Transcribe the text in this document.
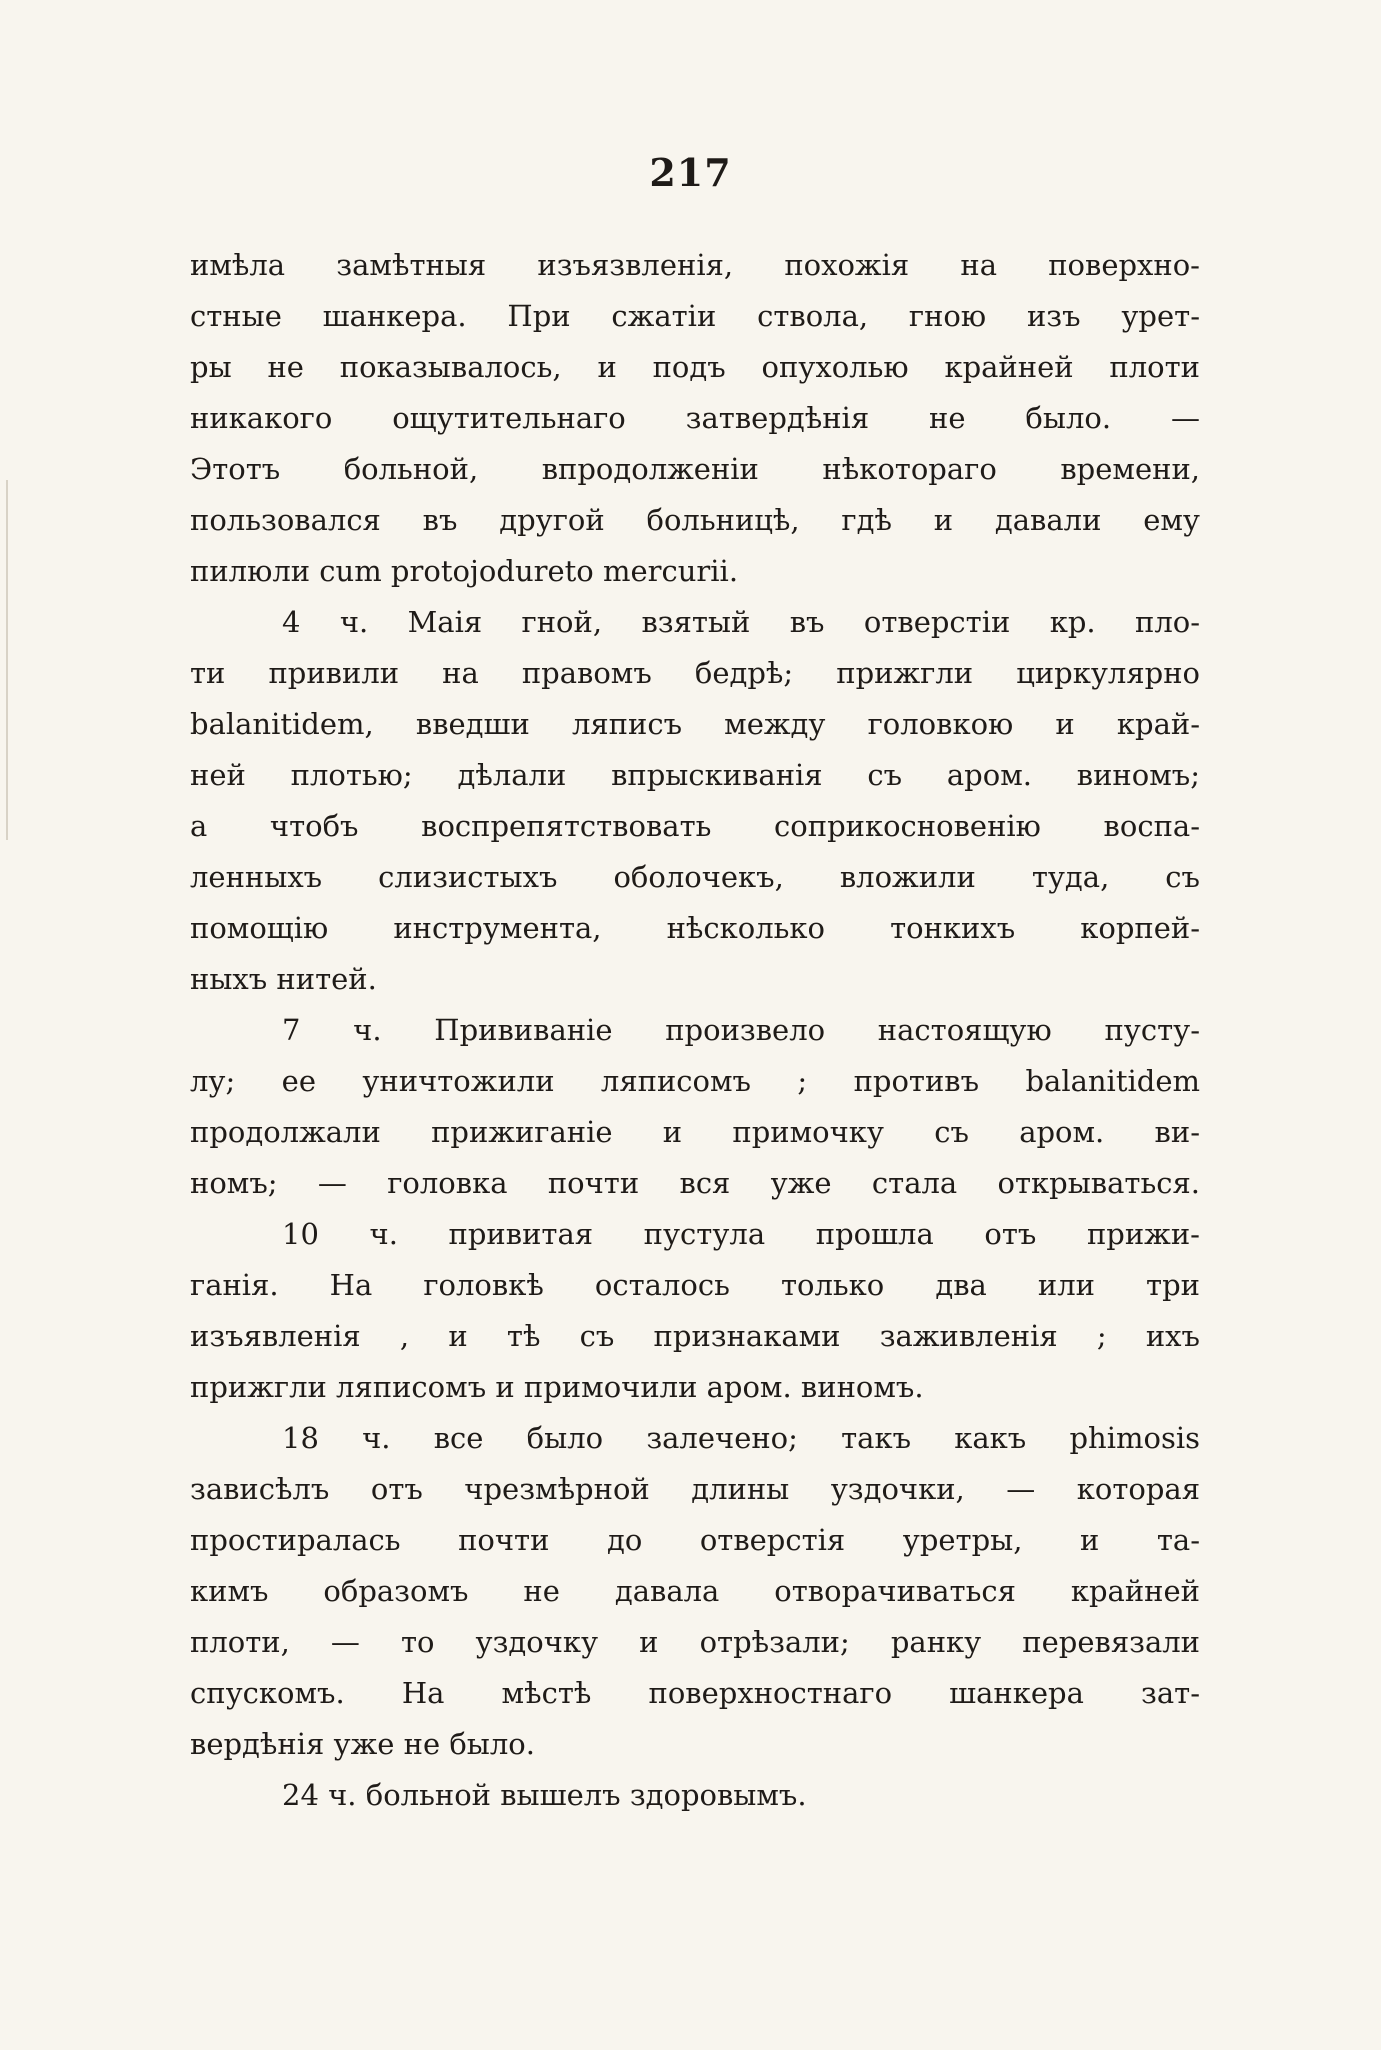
217
имѣла замѣтныя изъязвленія, похожія на поверхно-
стные шанкера. При сжатіи ствола, гною изъ урет-
ры не показывалось, и подъ опухолью крайней плоти
никакого ощутительнаго затвердѣнія не было. —
Этотъ больной, впродолженіи нѣкотораго времени,
пользовался въ другой больницѣ, гдѣ и давали ему
пилюли cum protojodureto mercurii.
4 ч. Маія гной, взятый въ отверстіи кр. пло-
ти привили на правомъ бедрѣ; прижгли циркулярно
balanitidem, введши ляписъ между головкою и край-
ней плотью; дѣлали впрыскиванія съ аром. виномъ;
а чтобъ воспрепятствовать соприкосновенію воспа-
ленныхъ слизистыхъ оболочекъ, вложили туда, съ
помощію инструмента, нѣсколько тонкихъ корпей-
ныхъ нитей.
7 ч. Прививаніе произвело настоящую пусту-
лу; ее уничтожили ляписомъ ; противъ balanitidem
продолжали прижиганіе и примочку съ аром. ви-
номъ; — головка почти вся уже стала открываться.
10 ч. привитая пустула прошла отъ прижи-
ганія. На головкѣ осталось только два или три
изъявленія , и тѣ съ признаками заживленія ; ихъ
прижгли ляписомъ и примочили аром. виномъ.
18 ч. все было залечено; такъ какъ phimosis
зависѣлъ отъ чрезмѣрной длины уздочки, — которая
простиралась почти до отверстія уретры, и та-
кимъ образомъ не давала отворачиваться крайней
плоти, — то уздочку и отрѣзали; ранку перевязали
спускомъ. На мѣстѣ поверхностнаго шанкера зат-
вердѣнія уже не было.
24 ч. больной вышелъ здоровымъ.
